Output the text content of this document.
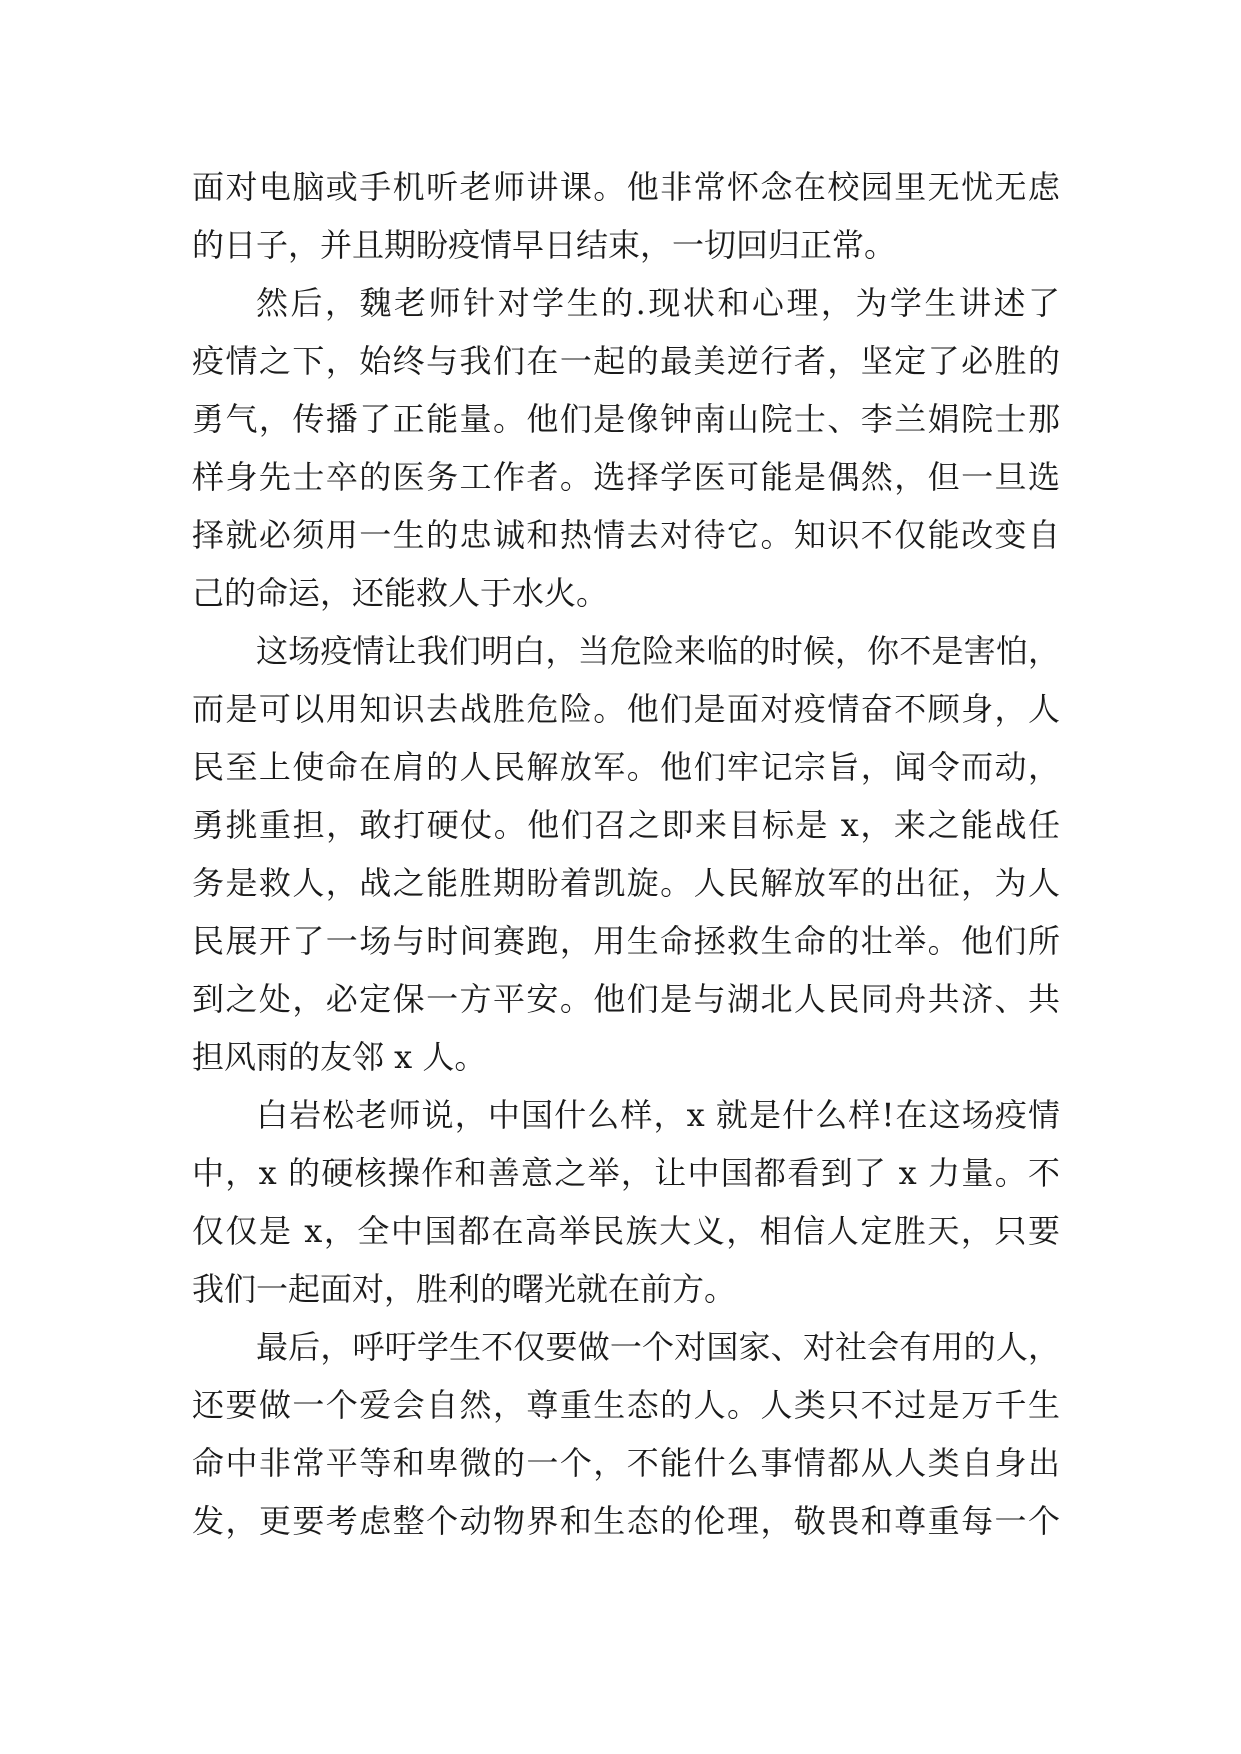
面对电脑或手机听老师讲课。他非常怀念在校园里无忧无虑
的日子，并且期盼疫情早日结束，一切回归正常。
然后，魏老师针对学生的.现状和心理，为学生讲述了
疫情之下，始终与我们在一起的最美逆行者，坚定了必胜的
勇气，传播了正能量。他们是像钟南山院士、李兰娟院士那
样身先士卒的医务工作者。选择学医可能是偶然，但一旦选
择就必须用一生的忠诚和热情去对待它。知识不仅能改变自
己的命运，还能救人于水火。
这场疫情让我们明白，当危险来临的时候，你不是害怕，
而是可以用知识去战胜危险。他们是面对疫情奋不顾身，人
民至上使命在肩的人民解放军。他们牢记宗旨，闻令而动，
勇挑重担，敢打硬仗。他们召之即来目标是 x，来之能战任
务是救人，战之能胜期盼着凯旋。人民解放军的出征，为人
民展开了一场与时间赛跑，用生命拯救生命的壮举。他们所
到之处，必定保一方平安。他们是与湖北人民同舟共济、共
担风雨的友邻 x 人。
白岩松老师说，中国什么样，x 就是什么样!在这场疫情
中，x 的硬核操作和善意之举，让中国都看到了 x 力量。不
仅仅是 x，全中国都在高举民族大义，相信人定胜天，只要
我们一起面对，胜利的曙光就在前方。
最后，呼吁学生不仅要做一个对国家、对社会有用的人，
还要做一个爱会自然，尊重生态的人。人类只不过是万千生
命中非常平等和卑微的一个，不能什么事情都从人类自身出
发，更要考虑整个动物界和生态的伦理，敬畏和尊重每一个
